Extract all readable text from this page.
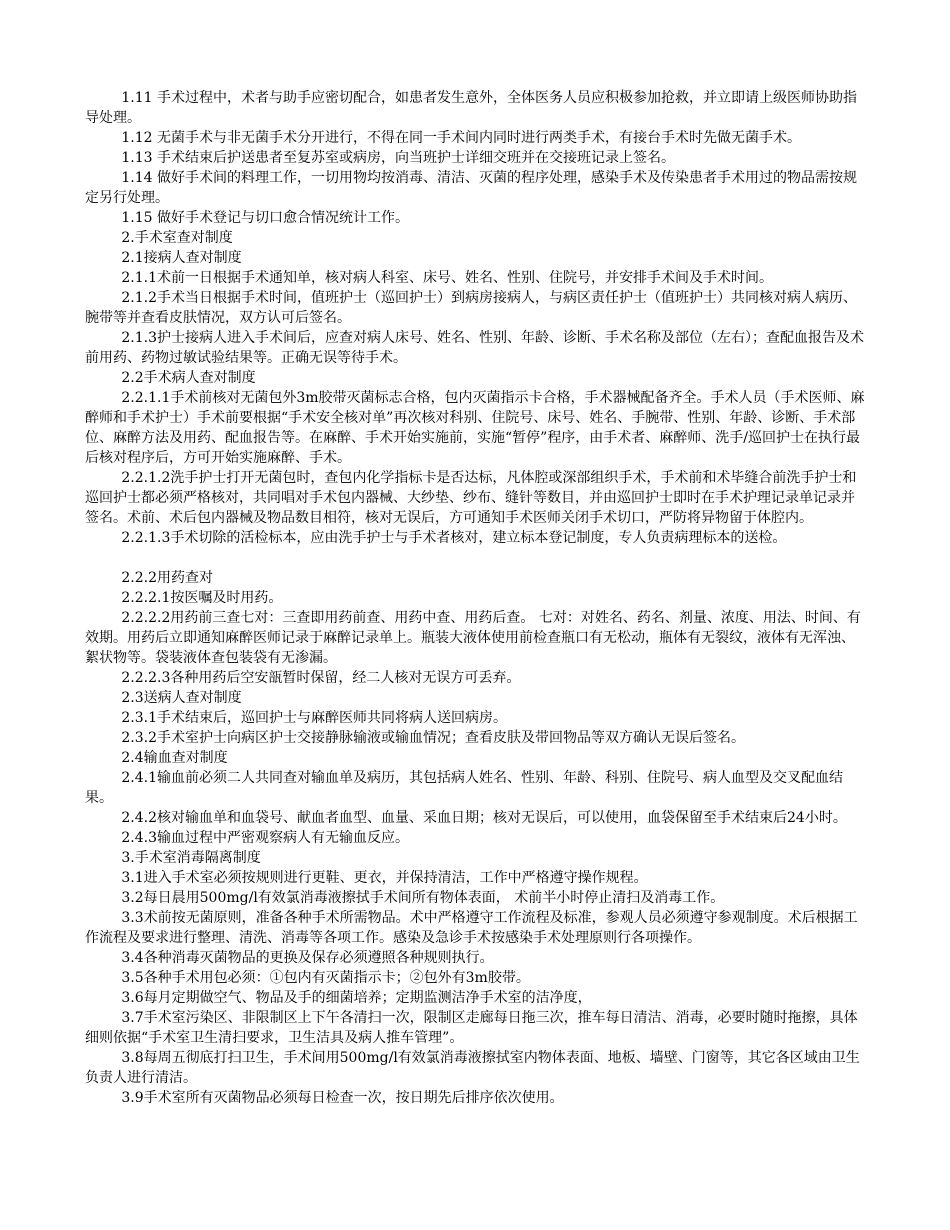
1.11 手术过程中，术者与助手应密切配合，如患者发生意外，全体医务人员应积极参加抢救，并立即请上级医师协助指导处理。

1.12 无菌手术与非无菌手术分开进行，不得在同一手术间内同时进行两类手术，有接台手术时先做无菌手术。

1.13 手术结束后护送患者至复苏室或病房，向当班护士详细交班并在交接班记录上签名。

1.14 做好手术间的料理工作，一切用物均按消毒、清洁、灭菌的程序处理，感染手术及传染患者手术用过的物品需按规定另行处理。

1.15 做好手术登记与切口愈合情况统计工作。

2.手术室查对制度

2.1接病人查对制度

2.1.1术前一日根据手术通知单，核对病人科室、床号、姓名、性别、住院号，并安排手术间及手术时间。

2.1.2手术当日根据手术时间，值班护士（巡回护士）到病房接病人，与病区责任护士（值班护士）共同核对病人病历、腕带等并查看皮肤情况，双方认可后签名。

2.1.3护士接病人进入手术间后，应查对病人床号、姓名、性别、年龄、诊断、手术名称及部位（左右）；查配血报告及术前用药、药物过敏试验结果等。正确无误等待手术。

2.2手术病人查对制度

2.2.1.1手术前核对无菌包外3m胶带灭菌标志合格，包内灭菌指示卡合格，手术器械配备齐全。手术人员（手术医师、麻醉师和手术护士）手术前要根据“手术安全核对单”再次核对科别、住院号、床号、姓名、手腕带、性别、年龄、诊断、手术部位、麻醉方法及用药、配血报告等。在麻醉、手术开始实施前，实施“暂停”程序，由手术者、麻醉师、洗手/巡回护士在执行最后核对程序后，方可开始实施麻醉、手术。

2.2.1.2洗手护士打开无菌包时，查包内化学指标卡是否达标，凡体腔或深部组织手术，手术前和术毕缝合前洗手护士和巡回护士都必须严格核对，共同唱对手术包内器械、大纱垫、纱布、缝针等数目，并由巡回护士即时在手术护理记录单记录并签名。术前、术后包内器械及物品数目相符，核对无误后，方可通知手术医师关闭手术切口，严防将异物留于体腔内。

2.2.1.3手术切除的活检标本，应由洗手护士与手术者核对，建立标本登记制度，专人负责病理标本的送检。

2.2.2用药查对

2.2.2.1按医嘱及时用药。

2.2.2.2用药前三查七对：三查即用药前查、用药中查、用药后查。 七对：对姓名、药名、剂量、浓度、用法、时间、有效期。用药后立即通知麻醉医师记录于麻醉记录单上。瓶装大液体使用前检查瓶口有无松动，瓶体有无裂纹，液体有无浑浊、絮状物等。袋装液体查包装袋有无渗漏。

2.2.2.3各种用药后空安瓿暂时保留，经二人核对无误方可丢弃。

2.3送病人查对制度

2.3.1手术结束后，巡回护士与麻醉医师共同将病人送回病房。

2.3.2手术室护士向病区护士交接静脉输液或输血情况；查看皮肤及带回物品等双方确认无误后签名。

2.4输血查对制度

2.4.1输血前必须二人共同查对输血单及病历，其包括病人姓名、性别、年龄、科别、住院号、病人血型及交叉配血结果。

2.4.2核对输血单和血袋号、献血者血型、血量、采血日期；核对无误后，可以使用，血袋保留至手术结束后24小时。

2.4.3输血过程中严密观察病人有无输血反应。

3.手术室消毒隔离制度

3.1进入手术室必须按规则进行更鞋、更衣，并保持清洁，工作中严格遵守操作规程。

3.2每日晨用500mg/l有效氯消毒液擦拭手术间所有物体表面， 术前半小时停止清扫及消毒工作。

3.3术前按无菌原则，准备各种手术所需物品。术中严格遵守工作流程及标准，参观人员必须遵守参观制度。术后根据工作流程及要求进行整理、清洗、消毒等各项工作。感染及急诊手术按感染手术处理原则行各项操作。

3.4各种消毒灭菌物品的更换及保存必须遵照各种规则执行。

3.5各种手术用包必须：①包内有灭菌指示卡；②包外有3m胶带。

3.6每月定期做空气、物品及手的细菌培养；定期监测洁净手术室的洁净度，

3.7手术室污染区、非限制区上下午各清扫一次，限制区走廊每日拖三次，推车每日清洁、消毒，必要时随时拖擦，具体细则依据“手术室卫生清扫要求，卫生洁具及病人推车管理”。

3.8每周五彻底打扫卫生，手术间用500mg/l有效氯消毒液擦拭室内物体表面、地板、墙壁、门窗等，其它各区域由卫生负责人进行清洁。

3.9手术室所有灭菌物品必须每日检查一次，按日期先后排序依次使用。
